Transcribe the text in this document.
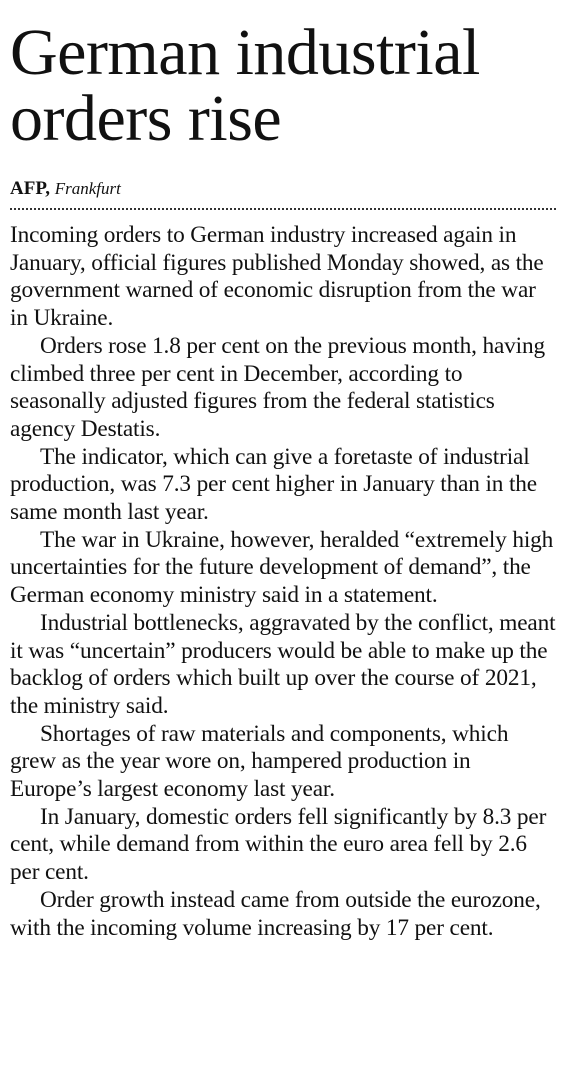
German industrial
orders rise
AFP, Frankfurt

Incoming orders to German industry increased again in January, official figures published Monday showed, as the government warned of economic disruption from the war in Ukraine.

Orders rose 1.8 per cent on the previous month, having climbed three per cent in December, according to seasonally adjusted figures from the federal statistics agency Destatis.

The indicator, which can give a foretaste of industrial production, was 7.3 per cent higher in January than in the same month last year.

The war in Ukraine, however, heralded “extremely high uncertainties for the future development of demand”, the German economy ministry said in a statement.

Industrial bottlenecks, aggravated by the conflict, meant it was “uncertain” producers would be able to make up the backlog of orders which built up over the course of 2021, the ministry said.

Shortages of raw materials and components, which grew as the year wore on, hampered production in Europe’s largest economy last year.

In January, domestic orders fell significantly by 8.3 per cent, while demand from within the euro area fell by 2.6 per cent.

Order growth instead came from outside the eurozone, with the incoming volume increasing by 17 per cent.
